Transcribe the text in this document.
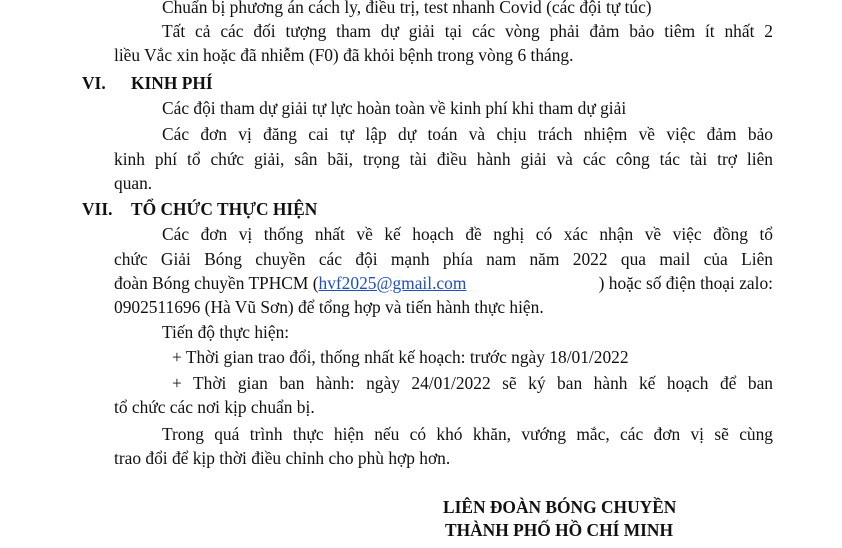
Chuẩn bị phương án cách ly, điều trị, test nhanh Covid (các đội tự túc)
Tất cả các đối tượng tham dự giải tại các vòng phải đảm bảo tiêm ít nhất 2
liều Vắc xin hoặc đã nhiễm (F0) đã khỏi bệnh trong vòng 6 tháng.
VI. KINH PHÍ
Các đội tham dự giải tự lực hoàn toàn về kinh phí khi tham dự giải
Các đơn vị đăng cai tự lập dự toán và chịu trách nhiệm về việc đảm bảo
kinh phí tổ chức giải, sân bãi, trọng tài điều hành giải và các công tác tài trợ liên
quan.
VII. TỔ CHỨC THỰC HIỆN
Các đơn vị thống nhất về kế hoạch đề nghị có xác nhận về việc đồng tổ
chức Giải Bóng chuyền các đội mạnh phía nam năm 2022 qua mail của Liên
đoàn Bóng chuyền TPHCM ( hvf2025@gmail.com	) hoặc số điện thoại zalo:
0902511696 (Hà Vũ Sơn) để tổng hợp và tiến hành thực hiện.
Tiến độ thực hiện:
+ Thời gian trao đổi, thống nhất kế hoạch: trước ngày 18/01/2022
+ Thời gian ban hành: ngày 24/01/2022 sẽ ký ban hành kế hoạch để ban
tổ chức các nơi kịp chuẩn bị.
Trong quá trình thực hiện nếu có khó khăn, vướng mắc, các đơn vị sẽ cùng
trao đổi để kịp thời điều chỉnh cho phù hợp hơn.
LIÊN ĐOÀN BÓNG CHUYỀN
THÀNH PHỐ HỒ CHÍ MINH
